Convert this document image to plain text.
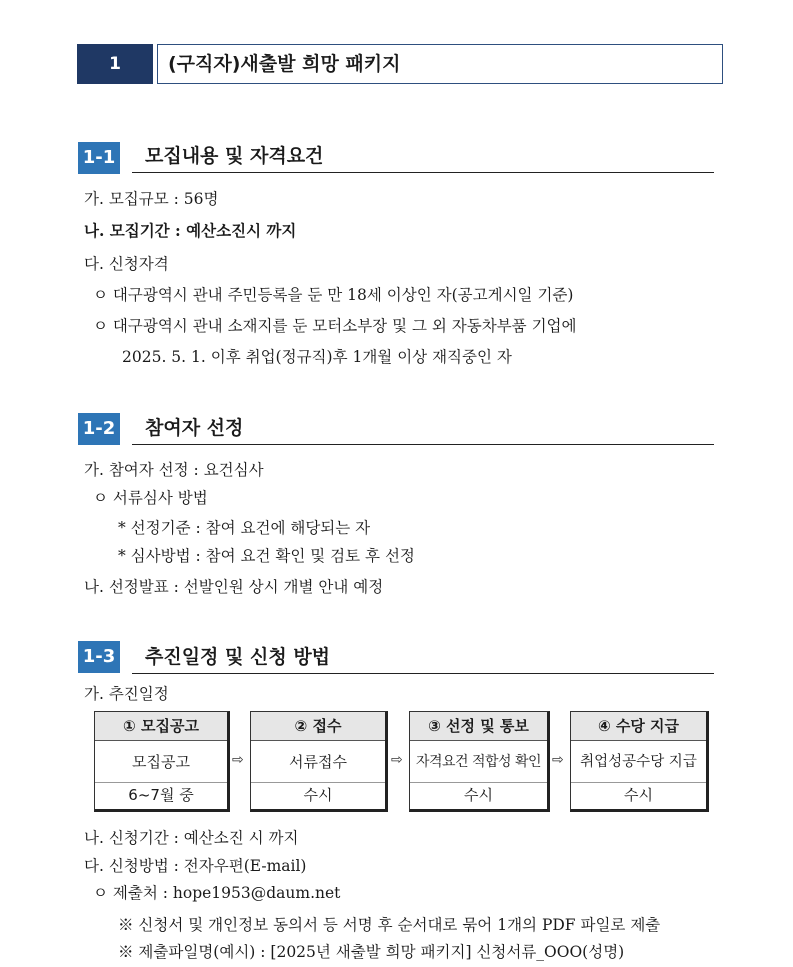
1	(구직자)새출발 희망 패키지
1-1 모집내용 및 자격요건
가. 모집규모 : 56명
나. 모집기간 : 예산소진시 까지
다. 신청자격
ㅇ 대구광역시 관내 주민등록을 둔 만 18세 이상인 자(공고게시일 기준)
ㅇ 대구광역시 관내 소재지를 둔 모터소부장 및 그 외 자동차부품 기업에
2025. 5. 1. 이후 취업(정규직)후 1개월 이상 재직중인 자
1-2 참여자 선정
가. 참여자 선정 : 요건심사
ㅇ 서류심사 방법
* 선정기준 : 참여 요건에 해당되는 자
* 심사방법 : 참여 요건 확인 및 검토 후 선정
나. 선정발표 : 선발인원 상시 개별 안내 예정
1-3 추진일정 및 신청 방법
가. 추진일정
① 모집공고
모집공고
6~7월 중
⇨
② 접수
서류접수
수시
⇨
③ 선정 및 통보
자격요건 적합성 확인
수시
⇨
④ 수당 지급
취업성공수당 지급
수시
나. 신청기간 : 예산소진 시 까지
다. 신청방법 : 전자우편(E-mail)
ㅇ 제출처 : hope1953@daum.net
※ 신청서 및 개인정보 동의서 등 서명 후 순서대로 묶어 1개의 PDF 파일로 제출
※ 제출파일명(예시) : [2025년 새출발 희망 패키지] 신청서류_OOO(성명)
